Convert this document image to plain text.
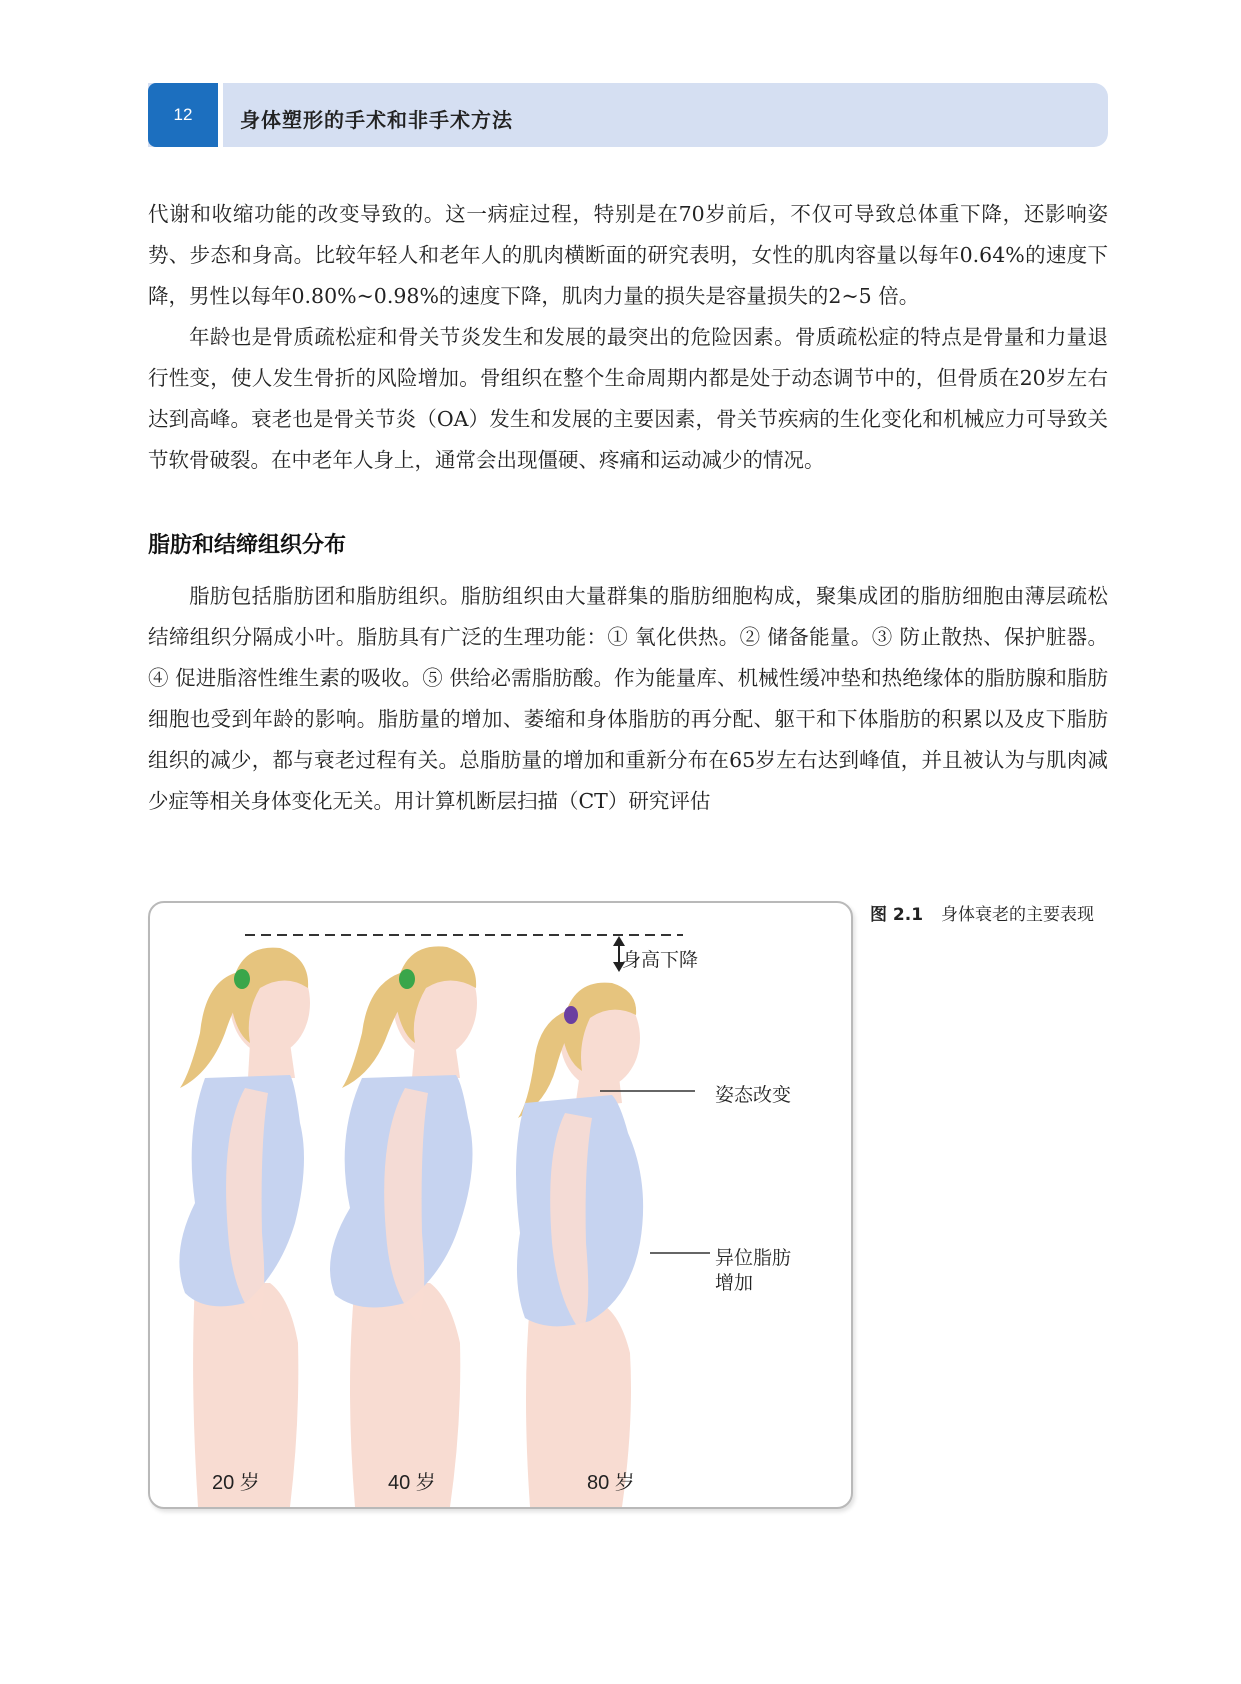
12	身体塑形的手术和非手术方法

代谢和收缩功能的改变导致的。这一病症过程，特别是在70岁前后，不仅可导致总体重下降，还影响姿势、步态和身高。比较年轻人和老年人的肌肉横断面的研究表明，女性的肌肉容量以每年0.64%的速度下降，男性以每年0.80%~0.98%的速度下降，肌肉力量的损失是容量损失的2~5 倍。

年龄也是骨质疏松症和骨关节炎发生和发展的最突出的危险因素。骨质疏松症的特点是骨量和力量退行性变，使人发生骨折的风险增加。骨组织在整个生命周期内都是处于动态调节中的，但骨质在20岁左右达到高峰。衰老也是骨关节炎（OA）发生和发展的主要因素，骨关节疾病的生化变化和机械应力可导致关节软骨破裂。在中老年人身上，通常会出现僵硬、疼痛和运动减少的情况。

脂肪和结缔组织分布

脂肪包括脂肪团和脂肪组织。脂肪组织由大量群集的脂肪细胞构成，聚集成团的脂肪细胞由薄层疏松结缔组织分隔成小叶。脂肪具有广泛的生理功能：① 氧化供热。② 储备能量。③ 防止散热、保护脏器。④ 促进脂溶性维生素的吸收。⑤ 供给必需脂肪酸。作为能量库、机械性缓冲垫和热绝缘体的脂肪腺和脂肪细胞也受到年龄的影响。脂肪量的增加、萎缩和身体脂肪的再分配、躯干和下体脂肪的积累以及皮下脂肪组织的减少，都与衰老过程有关。总脂肪量的增加和重新分布在65岁左右达到峰值，并且被认为与肌肉减少症等相关身体变化无关。用计算机断层扫描（CT）研究评估

身高下降
姿态改变
异位脂肪
增加
20 岁	40 岁	80 岁
图 2.1 身体衰老的主要表现
